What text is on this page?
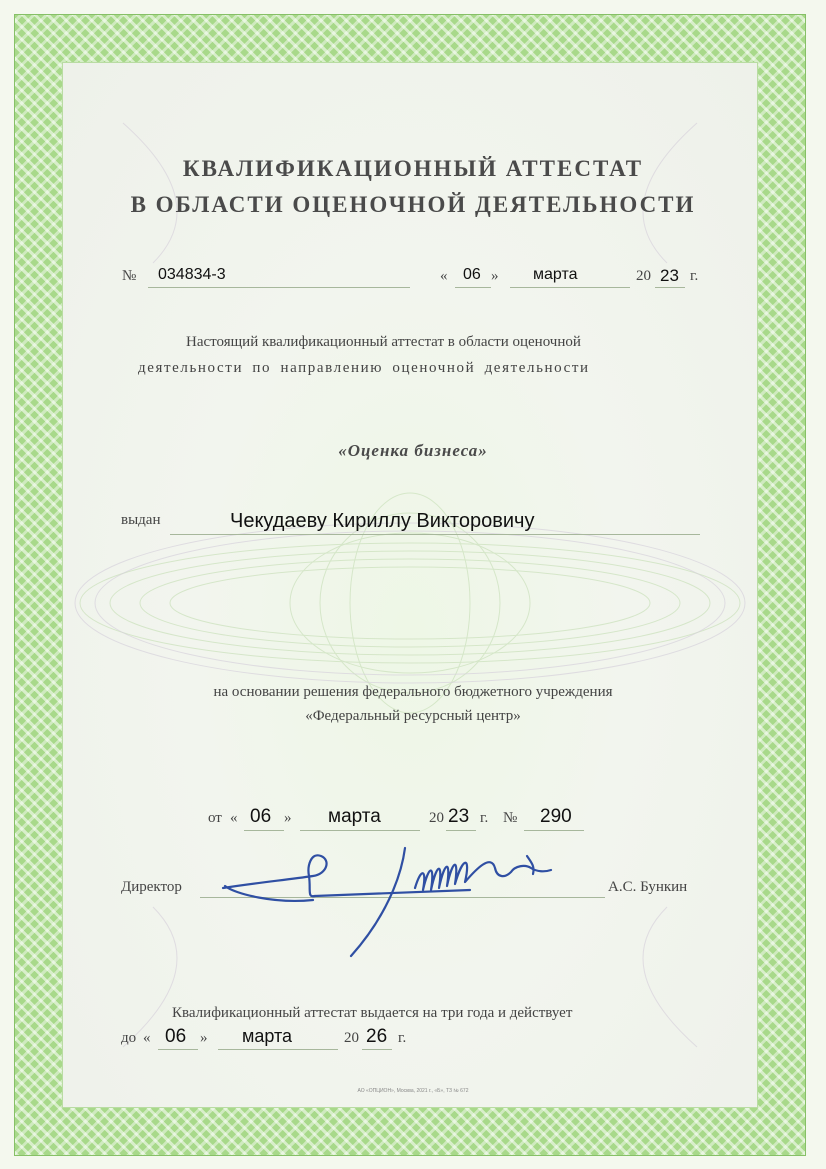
КВАЛИФИКАЦИОННЫЙ АТТЕСТАТ
В ОБЛАСТИ ОЦЕНОЧНОЙ ДЕЯТЕЛЬНОСТИ
№ 034834-3	« 06 » марта	20 23 г.
Настоящий квалификационный аттестат в области оценочной
деятельности по направлению оценочной деятельности
«Оценка бизнеса»
выдан	Чекудаеву Кириллу Викторовичу
на основании решения федерального бюджетного учреждения
«Федеральный ресурсный центр»
от « 06 » марта	20 23 г. № 290
Директор	А.С. Бункин
Квалификационный аттестат выдается на три года и действует
до « 06 » марта	20 26 г.
АО «ОПЦИОН», Москва, 2021 г., «Б», ТЗ № 672
